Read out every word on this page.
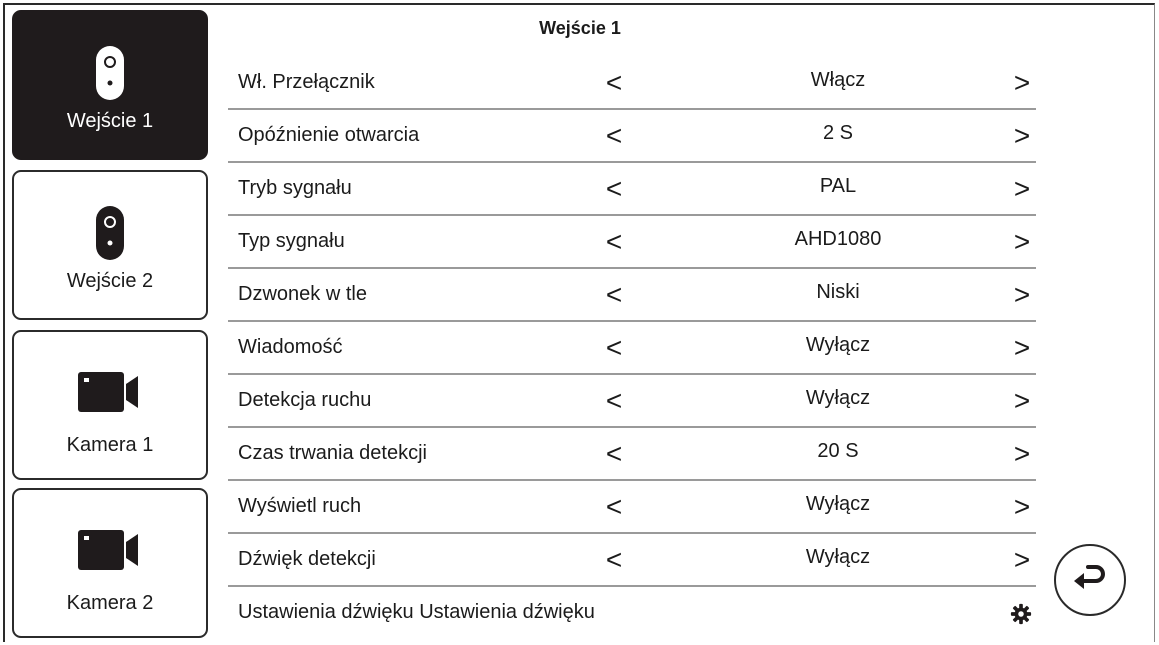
Wejście 1
Wejście 2
Kamera 1
Kamera 2
Wejście 1
Wł. Przełącznik	<	Włącz	>
Opóźnienie otwarcia	<	2 S	>
Tryb sygnału	<	PAL	>
Typ sygnału	<	AHD1080	>
Dzwonek w tle	<	Niski	>
Wiadomość	<	Wyłącz	>
Detekcja ruchu	<	Wyłącz	>
Czas trwania detekcji	<	20 S	>
Wyświetl ruch	<	Wyłącz	>
Dźwięk detekcji	<	Wyłącz	>
Ustawienia dźwięku Ustawienia dźwięku
